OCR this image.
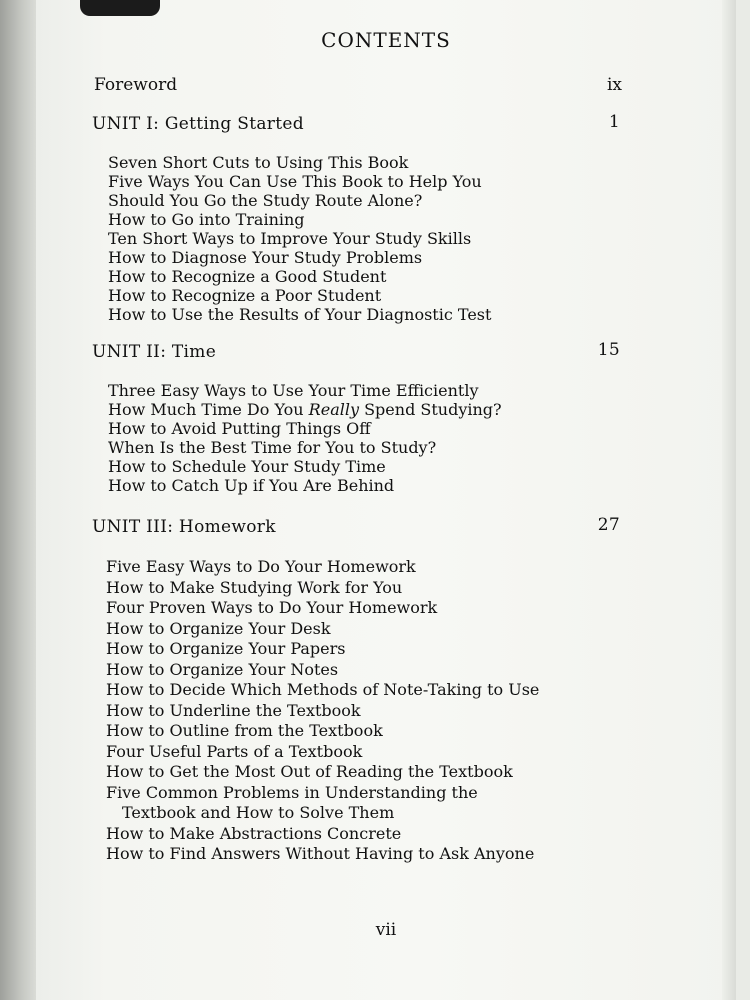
CONTENTS
Foreword	ix
UNIT I: Getting Started	1
Seven Short Cuts to Using This Book
Five Ways You Can Use This Book to Help You
Should You Go the Study Route Alone?
How to Go into Training
Ten Short Ways to Improve Your Study Skills
How to Diagnose Your Study Problems
How to Recognize a Good Student
How to Recognize a Poor Student
How to Use the Results of Your Diagnostic Test
UNIT II: Time	15
Three Easy Ways to Use Your Time Efficiently
How Much Time Do You Really Spend Studying?
How to Avoid Putting Things Off
When Is the Best Time for You to Study?
How to Schedule Your Study Time
How to Catch Up if You Are Behind
UNIT III: Homework	27
Five Easy Ways to Do Your Homework
How to Make Studying Work for You
Four Proven Ways to Do Your Homework
How to Organize Your Desk
How to Organize Your Papers
How to Organize Your Notes
How to Decide Which Methods of Note-Taking to Use
How to Underline the Textbook
How to Outline from the Textbook
Four Useful Parts of a Textbook
How to Get the Most Out of Reading the Textbook
Five Common Problems in Understanding the
Textbook and How to Solve Them
How to Make Abstractions Concrete
How to Find Answers Without Having to Ask Anyone
vii
